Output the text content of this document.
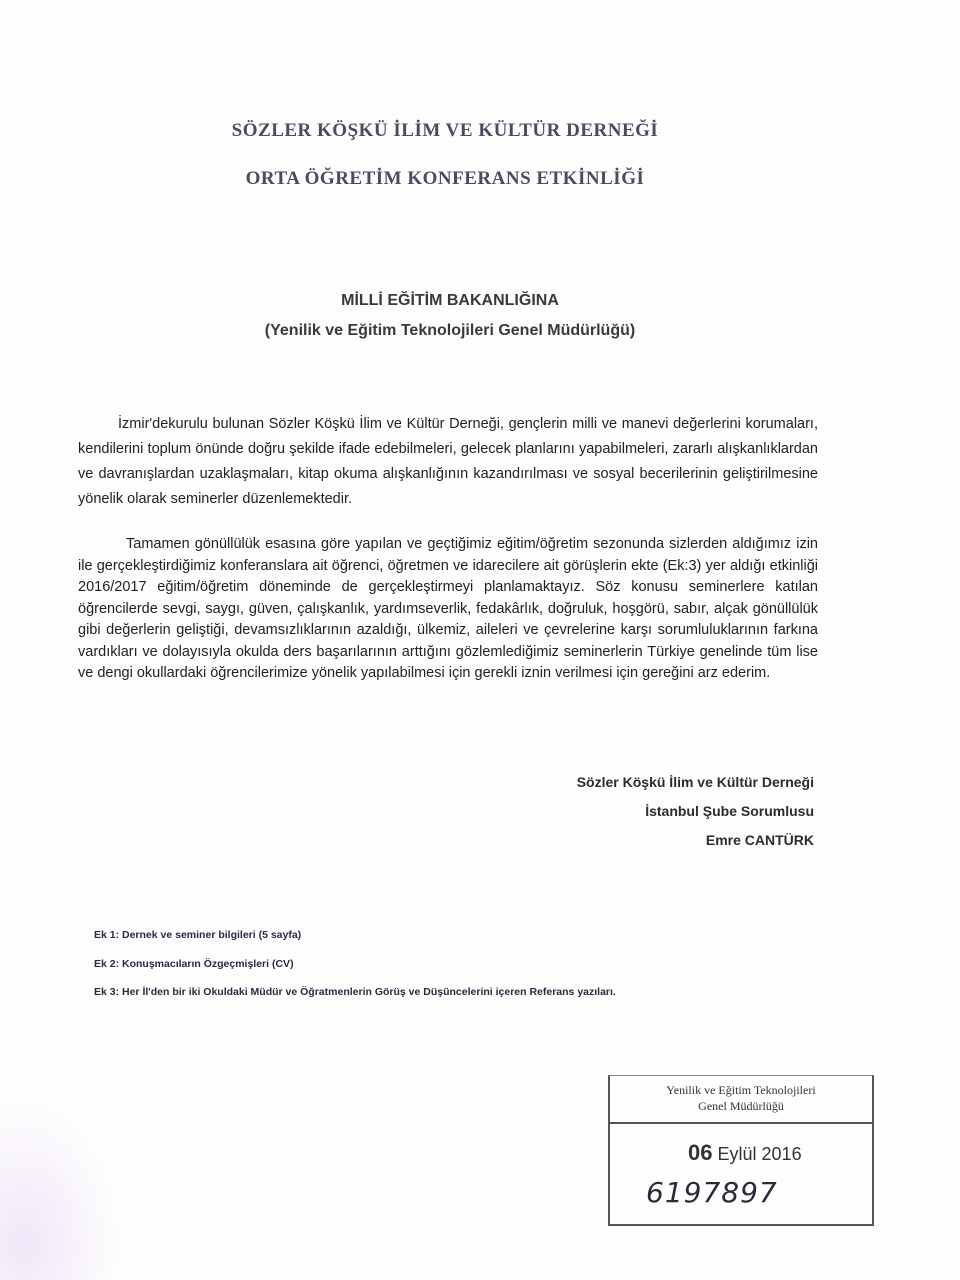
SÖZLER KÖŞKÜ İLİM VE KÜLTÜR DERNEĞİ
ORTA ÖĞRETİM KONFERANS ETKİNLİĞİ
MİLLİ EĞİTİM BAKANLIĞINA
(Yenilik ve Eğitim Teknolojileri Genel Müdürlüğü)
İzmir'dekurulu bulunan Sözler Köşkü İlim ve Kültür Derneği, gençlerin milli ve manevi değerlerini korumaları, kendilerini toplum önünde doğru şekilde ifade edebilmeleri, gelecek planlarını yapabilmeleri, zararlı alışkanlıklardan ve davranışlardan uzaklaşmaları, kitap okuma alışkanlığının kazandırılması ve sosyal becerilerinin geliştirilmesine yönelik olarak seminerler düzenlemektedir.
Tamamen gönüllülük esasına göre yapılan ve geçtiğimiz eğitim/öğretim sezonunda sizlerden aldığımız izin ile gerçekleştirdiğimiz konferanslara ait öğrenci, öğretmen ve idarecilere ait görüşlerin ekte (Ek:3) yer aldığı etkinliği 2016/2017 eğitim/öğretim döneminde de gerçekleştirmeyi planlamaktayız. Söz konusu seminerlere katılan öğrencilerde sevgi, saygı, güven, çalışkanlık, yardımseverlik, fedakârlık, doğruluk, hoşgörü, sabır, alçak gönüllülük gibi değerlerin geliştiği, devamsızlıklarının azaldığı, ülkemiz, aileleri ve çevrelerine karşı sorumluluklarının farkına vardıkları ve dolayısıyla okulda ders başarılarının arttığını gözlemlediğimiz seminerlerin Türkiye genelinde tüm lise ve dengi okullardaki öğrencilerimize yönelik yapılabilmesi için gerekli iznin verilmesi için gereğini arz ederim.
Sözler Köşkü İlim ve Kültür Derneği
İstanbul Şube Sorumlusu
Emre CANTÜRK
Ek 1: Dernek ve seminer bilgileri (5 sayfa)
Ek 2: Konuşmacıların Özgeçmişleri (CV)
Ek 3: Her İl'den bir iki Okuldaki Müdür ve Öğratmenlerin Görüş ve Düşüncelerini içeren Referans yazıları.
Yenilik ve Eğitim Teknolojileri
Genel Müdürlüğü
06 Eylül 2016
6197897
